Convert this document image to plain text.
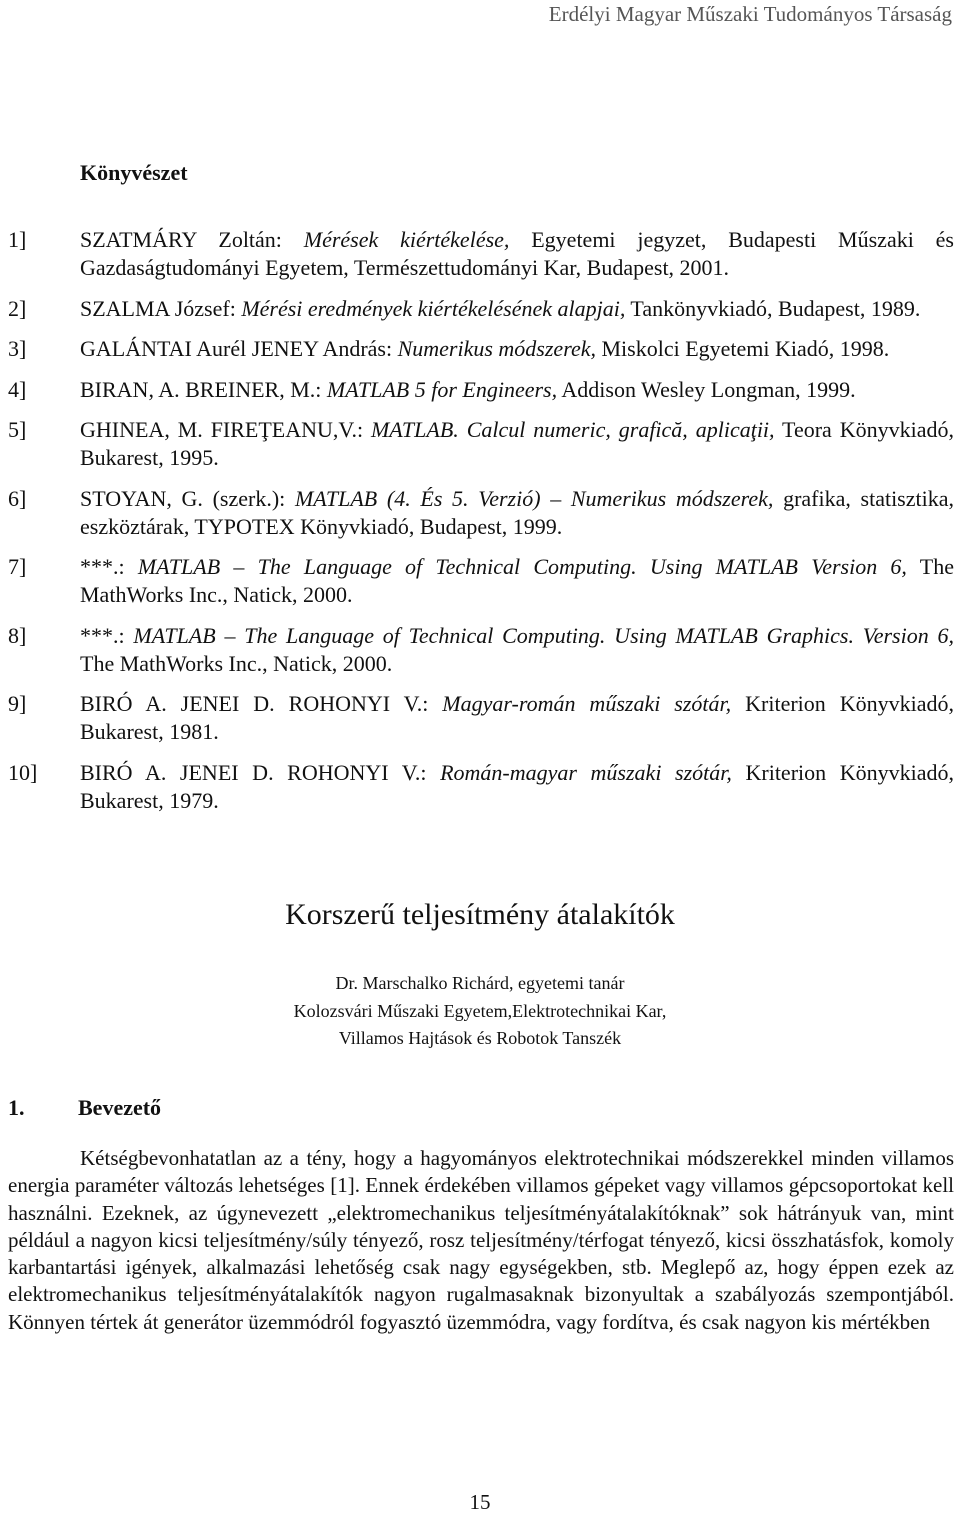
Erdélyi Magyar Műszaki Tudományos Társaság
Könyvészet
1] SZATMÁRY Zoltán: Mérések kiértékelése, Egyetemi jegyzet, Budapesti Műszaki és Gazdaságtudományi Egyetem, Természettudományi Kar, Budapest, 2001.
2] SZALMA József: Mérési eredmények kiértékelésének alapjai, Tankönyvkiadó, Budapest, 1989.
3] GALÁNTAI Aurél JENEY András: Numerikus módszerek, Miskolci Egyetemi Kiadó, 1998.
4] BIRAN, A. BREINER, M.: MATLAB 5 for Engineers, Addison Wesley Longman, 1999.
5] GHINEA, M. FIREŢEANU,V.: MATLAB. Calcul numeric, grafică, aplicaţii, Teora Könyvkiadó, Bukarest, 1995.
6] STOYAN, G. (szerk.): MATLAB (4. És 5. Verzió) – Numerikus módszerek, grafika, statisztika, eszköztárak, TYPOTEX Könyvkiadó, Budapest, 1999.
7] ***.: MATLAB – The Language of Technical Computing. Using MATLAB Version 6, The MathWorks Inc., Natick, 2000.
8] ***.: MATLAB – The Language of Technical Computing. Using MATLAB Graphics. Version 6, The MathWorks Inc., Natick, 2000.
9] BIRÓ A. JENEI D. ROHONYI V.: Magyar-román műszaki szótár, Kriterion Könyvkiadó, Bukarest, 1981.
10] BIRÓ A. JENEI D. ROHONYI V.: Román-magyar műszaki szótár, Kriterion Könyvkiadó, Bukarest, 1979.
Korszerű teljesítmény átalakítók
Dr. Marschalko Richárd, egyetemi tanár
Kolozsvári Műszaki Egyetem,Elektrotechnikai Kar,
Villamos Hajtások és Robotok Tanszék
1. Bevezető

Kétségbevonhatatlan az a tény, hogy a hagyományos elektrotechnikai módszerekkel minden villamos energia paraméter változás lehetséges [1]. Ennek érdekében villamos gépeket vagy villamos gépcsoportokat kell használni. Ezeknek, az úgynevezett „elektromechanikus teljesítményátalakítóknak” sok hátrányuk van, mint például a nagyon kicsi teljesítmény/súly tényező, rosz teljesítmény/térfogat tényező, kicsi összhatásfok, komoly karbantartási igények, alkalmazási lehetőség csak nagy egységekben, stb. Meglepő az, hogy éppen ezek az elektromechanikus teljesítményátalakítók nagyon rugalmasaknak bizonyultak a szabályozás szempontjából. Könnyen tértek át generátor üzemmódról fogyasztó üzemmódra, vagy fordítva, és csak nagyon kis mértékben

15
